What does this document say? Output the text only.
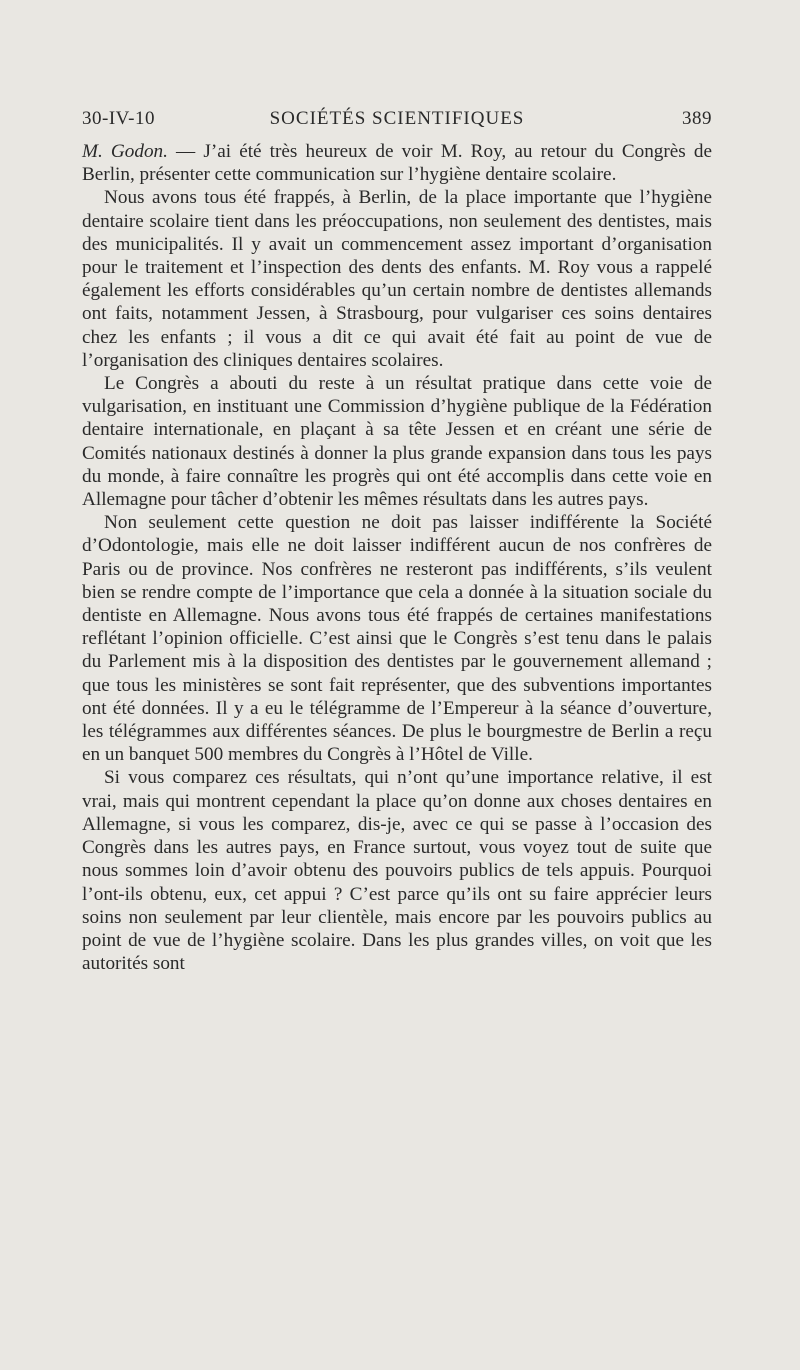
30-IV-10	SOCIÉTÉS SCIENTIFIQUES	389

M. Godon. — J’ai été très heureux de voir M. Roy, au retour du Congrès de Berlin, présenter cette communication sur l’hygiène dentaire scolaire.

Nous avons tous été frappés, à Berlin, de la place importante que l’hygiène dentaire scolaire tient dans les préoccupations, non seulement des dentistes, mais des municipalités. Il y avait un commencement assez important d’organisation pour le traitement et l’inspection des dents des enfants. M. Roy vous a rappelé également les efforts considérables qu’un certain nombre de dentistes allemands ont faits, notamment Jessen, à Strasbourg, pour vulgariser ces soins dentaires chez les enfants ; il vous a dit ce qui avait été fait au point de vue de l’organisation des cliniques dentaires scolaires.

Le Congrès a abouti du reste à un résultat pratique dans cette voie de vulgarisation, en instituant une Commission d’hygiène publique de la Fédération dentaire internationale, en plaçant à sa tête Jessen et en créant une série de Comités nationaux destinés à donner la plus grande expansion dans tous les pays du monde, à faire connaître les progrès qui ont été accomplis dans cette voie en Allemagne pour tâcher d’obtenir les mêmes résultats dans les autres pays.

Non seulement cette question ne doit pas laisser indifférente la Société d’Odontologie, mais elle ne doit laisser indifférent aucun de nos confrères de Paris ou de province. Nos confrères ne resteront pas indifférents, s’ils veulent bien se rendre compte de l’importance que cela a donnée à la situation sociale du dentiste en Allemagne. Nous avons tous été frappés de certaines manifestations reflétant l’opinion officielle. C’est ainsi que le Congrès s’est tenu dans le palais du Parlement mis à la disposition des dentistes par le gouvernement allemand ; que tous les ministères se sont fait représenter, que des subventions importantes ont été données. Il y a eu le télégramme de l’Empereur à la séance d’ouverture, les télégrammes aux différentes séances. De plus le bourgmestre de Berlin a reçu en un banquet 500 membres du Congrès à l’Hôtel de Ville.

Si vous comparez ces résultats, qui n’ont qu’une importance relative, il est vrai, mais qui montrent cependant la place qu’on donne aux choses dentaires en Allemagne, si vous les comparez, dis-je, avec ce qui se passe à l’occasion des Congrès dans les autres pays, en France surtout, vous voyez tout de suite que nous sommes loin d’avoir obtenu des pouvoirs publics de tels appuis. Pourquoi l’ont-ils obtenu, eux, cet appui ? C’est parce qu’ils ont su faire apprécier leurs soins non seulement par leur clientèle, mais encore par les pouvoirs publics au point de vue de l’hygiène scolaire. Dans les plus grandes villes, on voit que les autorités sont
